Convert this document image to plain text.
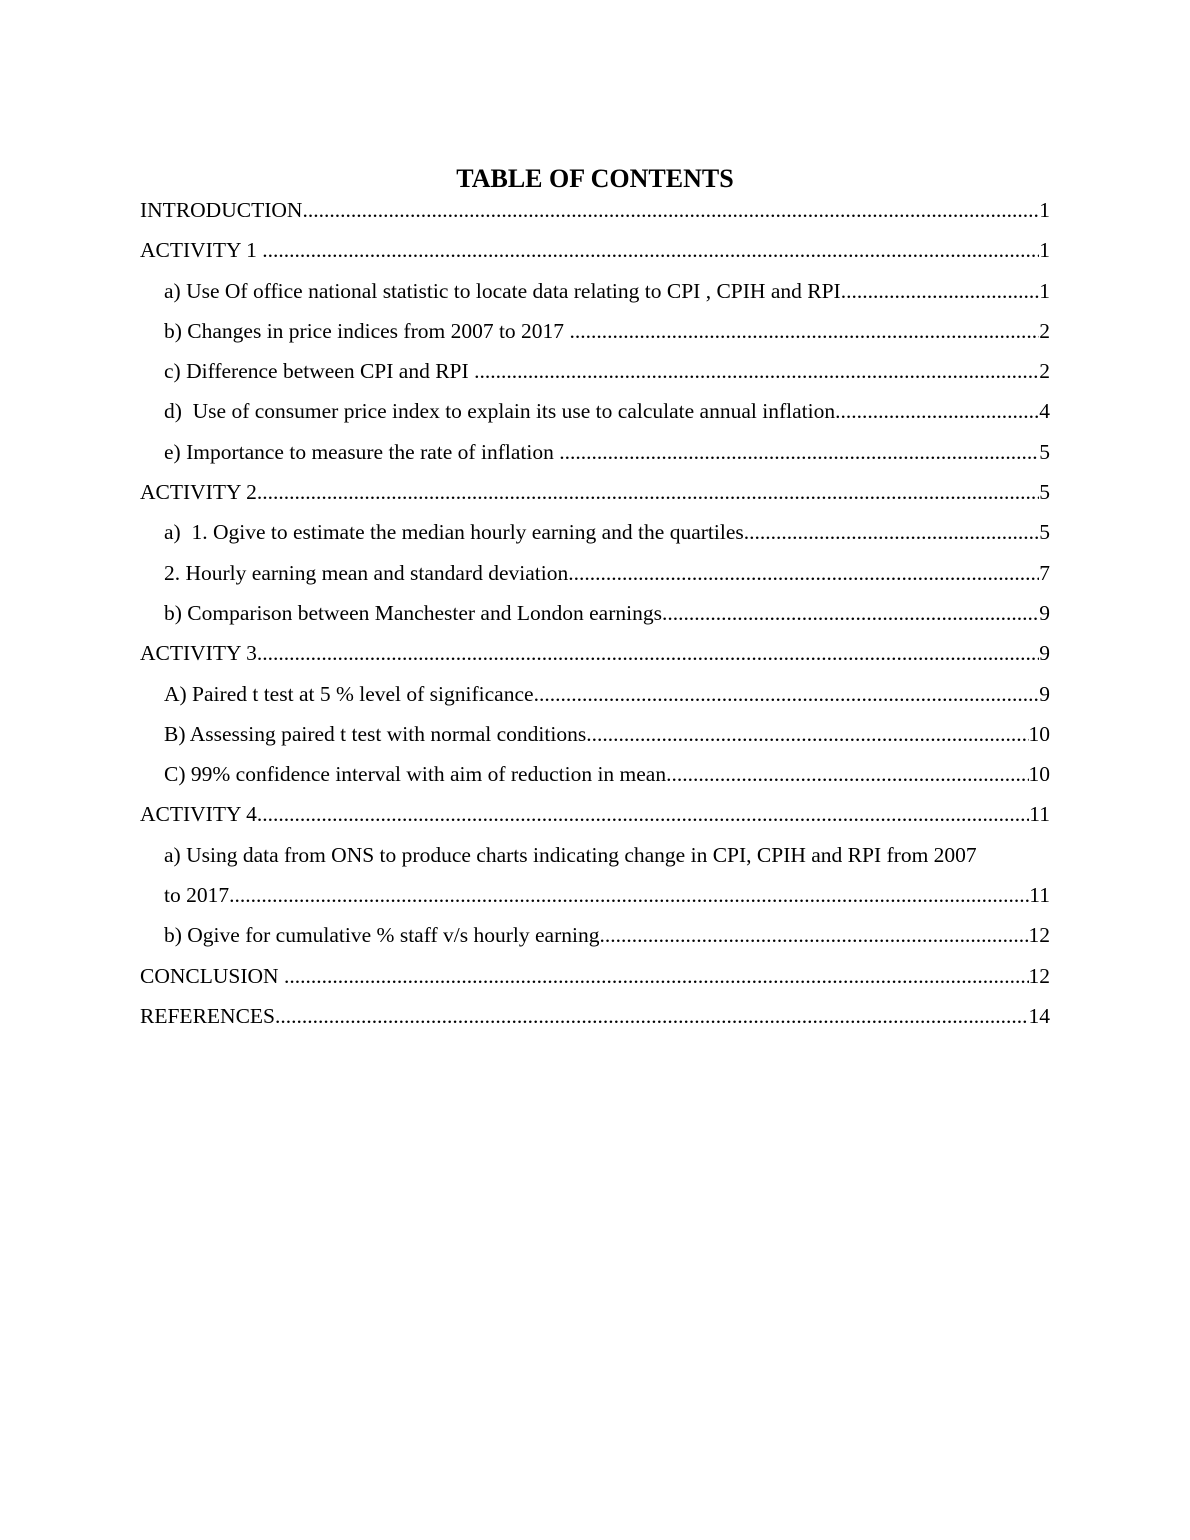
TABLE OF CONTENTS
INTRODUCTION .....	1
ACTIVITY 1 .....	1
a) Use Of office national statistic to locate data relating to CPI , CPIH and RPI .....	1
b) Changes in price indices from 2007 to 2017 .....	2
c) Difference between CPI and RPI .....	2
d)  Use of consumer price index to explain its use to calculate annual inflation .....	4
e) Importance to measure the rate of inflation .....	5
ACTIVITY 2 .....	5
a)  1. Ogive to estimate the median hourly earning and the quartiles .....	5
2. Hourly earning mean and standard deviation .....	7
b) Comparison between Manchester and London earnings .....	9
ACTIVITY 3 .....	9
A) Paired t test at 5 % level of significance .....	9
B) Assessing paired t test with normal conditions .....	10
C) 99% confidence interval with aim of reduction in mean .....	10
ACTIVITY 4 .....	11
a) Using data from ONS to produce charts indicating change in CPI, CPIH and RPI from 2007
to 2017 .....	11
b) Ogive for cumulative % staff v/s hourly earning .....	12
CONCLUSION .....	12
REFERENCES .....	14
